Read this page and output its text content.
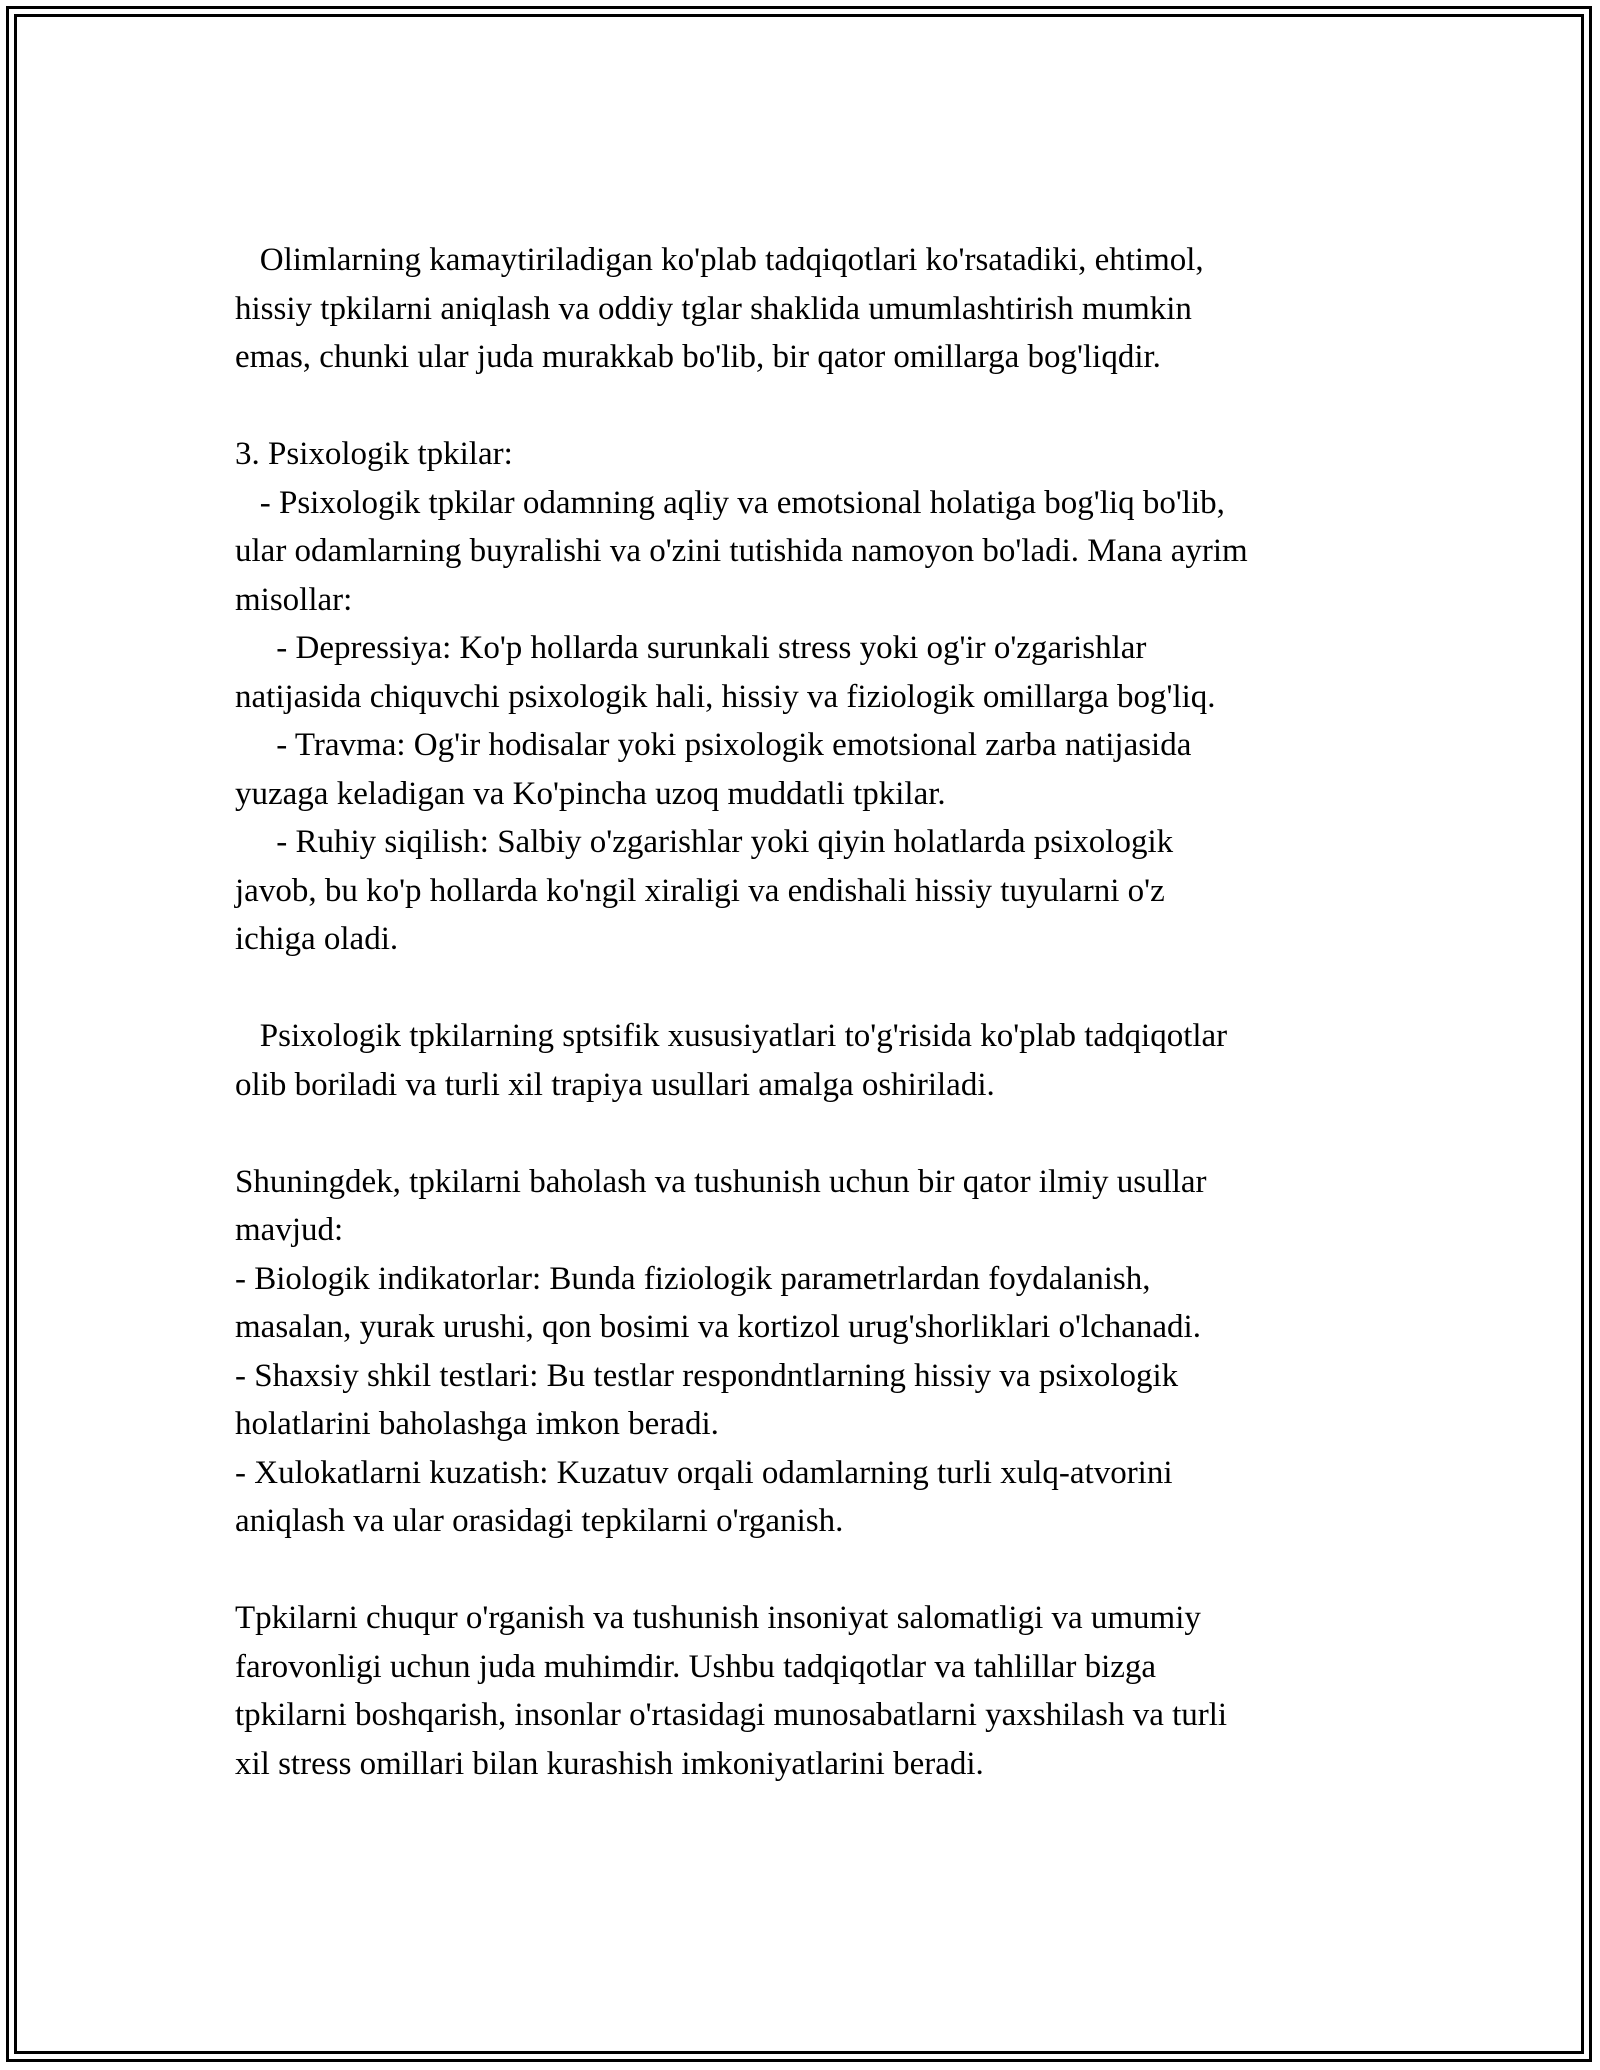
Olimlarning kamaytiriladigan ko'plab tadqiqotlari ko'rsatadiki, ehtimol,
hissiy tpkilarni aniqlash va oddiy tglar shaklida umumlashtirish mumkin
emas, chunki ular juda murakkab bo'lib, bir qator omillarga bog'liqdir.
3. Psixologik tpkilar:
- Psixologik tpkilar odamning aqliy va emotsional holatiga bog'liq bo'lib,
ular odamlarning buyralishi va o'zini tutishida namoyon bo'ladi. Mana ayrim
misollar:
- Depressiya: Ko'p hollarda surunkali stress yoki og'ir o'zgarishlar
natijasida chiquvchi psixologik hali, hissiy va fiziologik omillarga bog'liq.
- Travma: Og'ir hodisalar yoki psixologik emotsional zarba natijasida
yuzaga keladigan va Ko'pincha uzoq muddatli tpkilar.
- Ruhiy siqilish: Salbiy o'zgarishlar yoki qiyin holatlarda psixologik
javob, bu ko'p hollarda ko'ngil xiraligi va endishali hissiy tuyularni o'z
ichiga oladi.
Psixologik tpkilarning sptsifik xususiyatlari to'g'risida ko'plab tadqiqotlar
olib boriladi va turli xil trapiya usullari amalga oshiriladi.
Shuningdek, tpkilarni baholash va tushunish uchun bir qator ilmiy usullar
mavjud:
- Biologik indikatorlar: Bunda fiziologik parametrlardan foydalanish,
masalan, yurak urushi, qon bosimi va kortizol urug'shorliklari o'lchanadi.
- Shaxsiy shkil testlari: Bu testlar respondntlarning hissiy va psixologik
holatlarini baholashga imkon beradi.
- Xulokatlarni kuzatish: Kuzatuv orqali odamlarning turli xulq-atvorini
aniqlash va ular orasidagi tepkilarni o'rganish.
Tpkilarni chuqur o'rganish va tushunish insoniyat salomatligi va umumiy
farovonligi uchun juda muhimdir. Ushbu tadqiqotlar va tahlillar bizga
tpkilarni boshqarish, insonlar o'rtasidagi munosabatlarni yaxshilash va turli
xil stress omillari bilan kurashish imkoniyatlarini beradi.
